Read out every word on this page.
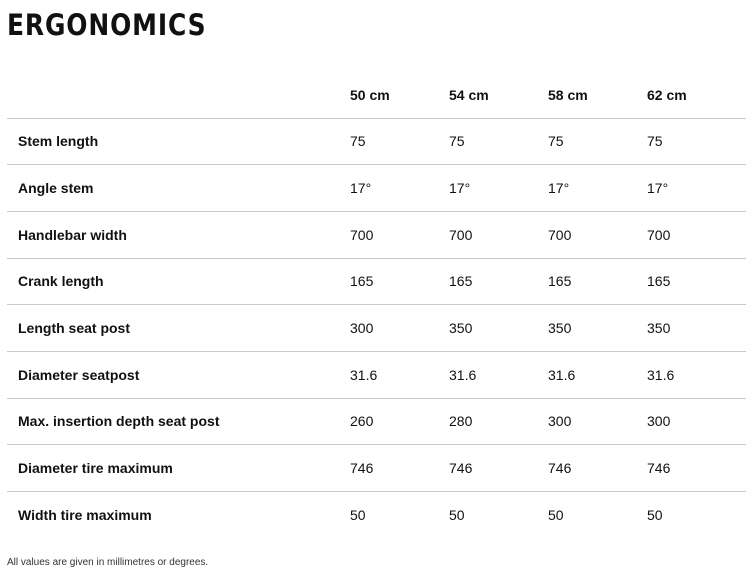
ERGONOMICS
	50 cm	54 cm	58 cm	62 cm
Stem length	75	75	75	75
Angle stem	17°	17°	17°	17°
Handlebar width	700	700	700	700
Crank length	165	165	165	165
Length seat post	300	350	350	350
Diameter seatpost	31.6	31.6	31.6	31.6
Max. insertion depth seat post	260	280	300	300
Diameter tire maximum	746	746	746	746
Width tire maximum	50	50	50	50

All values are given in millimetres or degrees.
